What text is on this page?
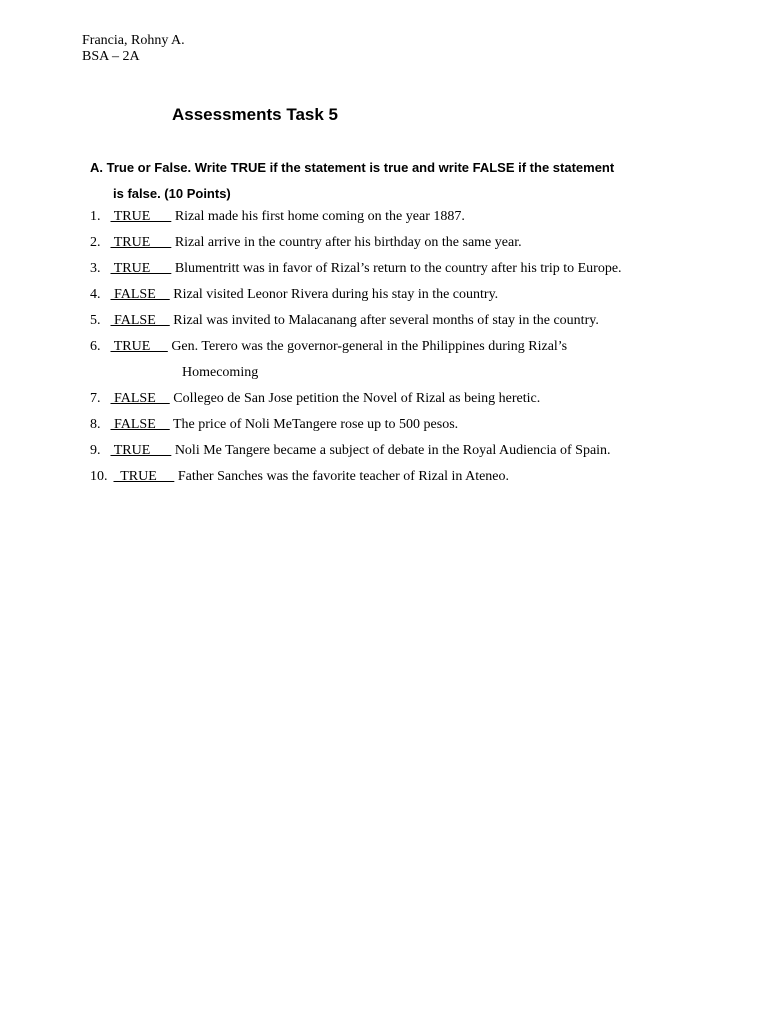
Francia, Rohny A.
BSA – 2A
Assessments Task 5
A. True or False. Write TRUE if the statement is true and write FALSE if the statement
is false. (10 Points)
1.  TRUE       Rizal made his first home coming on the year 1887.
2.  TRUE       Rizal arrive in the country after his birthday on the same year.
3.  TRUE       Blumentritt was in favor of Rizal’s return to the country after his trip to Europe.
4.  FALSE     Rizal visited Leonor Rivera during his stay in the country.
5.  FALSE     Rizal was invited to Malacanang after several months of stay in the country.
6.  TRUE      Gen. Terero was the governor-general in the Philippines during Rizal’s
Homecoming
7.  FALSE     Collegeo de San Jose petition the Novel of Rizal as being heretic.
8.  FALSE     The price of Noli MeTangere rose up to 500 pesos.
9.  TRUE       Noli Me Tangere became a subject of debate in the Royal Audiencia of Spain.
10.   TRUE      Father Sanches was the favorite teacher of Rizal in Ateneo.
